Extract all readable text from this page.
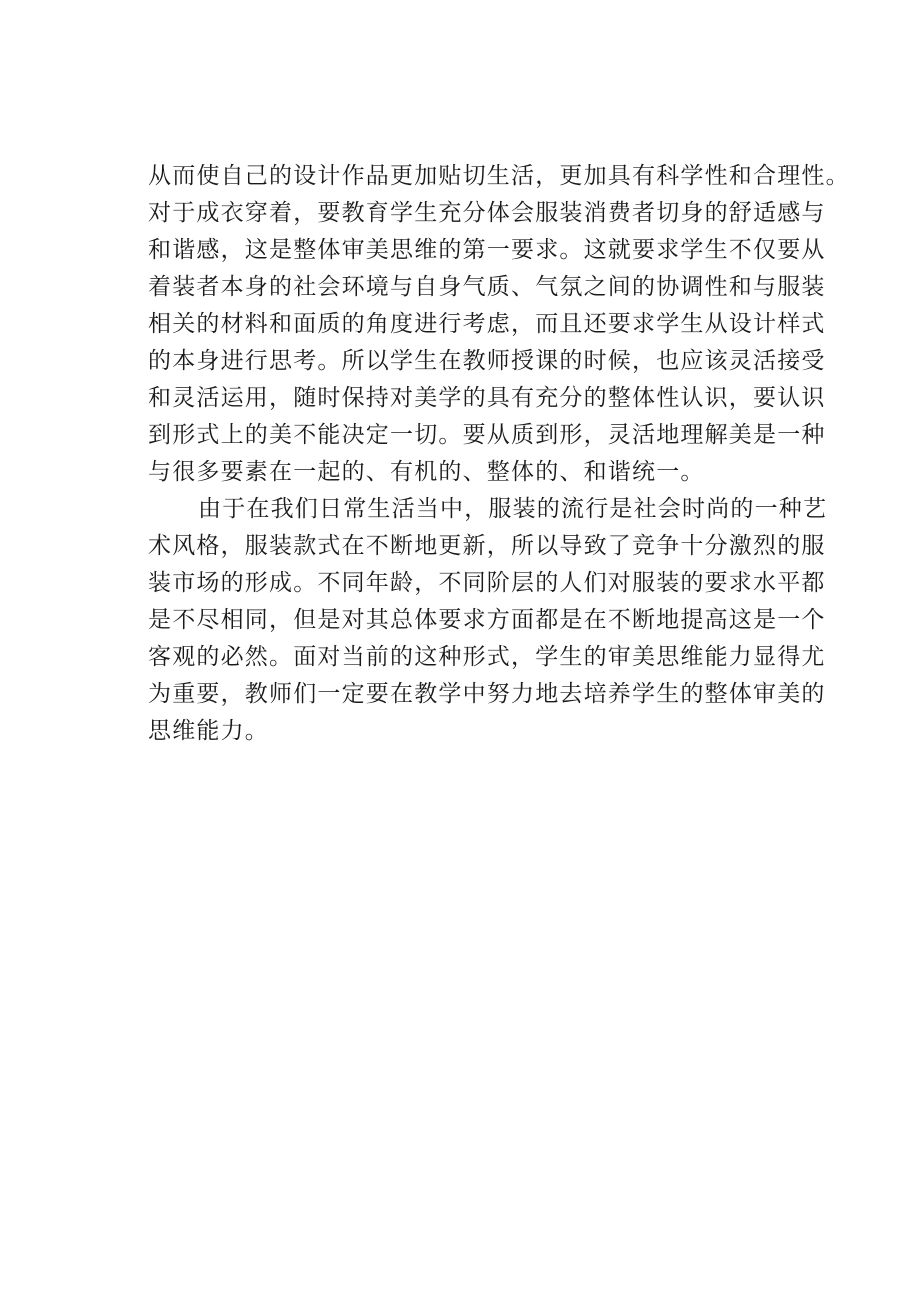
从而使自己的设计作品更加贴切生活，更加具有科学性和合理性。
对于成衣穿着，要教育学生充分体会服装消费者切身的舒适感与
和谐感，这是整体审美思维的第一要求。这就要求学生不仅要从
着装者本身的社会环境与自身气质、气氛之间的协调性和与服装
相关的材料和面质的角度进行考虑，而且还要求学生从设计样式
的本身进行思考。所以学生在教师授课的时候，也应该灵活接受
和灵活运用，随时保持对美学的具有充分的整体性认识，要认识
到形式上的美不能决定一切。要从质到形，灵活地理解美是一种
与很多要素在一起的、有机的、整体的、和谐统一。
由于在我们日常生活当中，服装的流行是社会时尚的一种艺
术风格，服装款式在不断地更新，所以导致了竞争十分激烈的服
装市场的形成。不同年龄，不同阶层的人们对服装的要求水平都
是不尽相同，但是对其总体要求方面都是在不断地提高这是一个
客观的必然。面对当前的这种形式，学生的审美思维能力显得尤
为重要，教师们一定要在教学中努力地去培养学生的整体审美的
思维能力。
